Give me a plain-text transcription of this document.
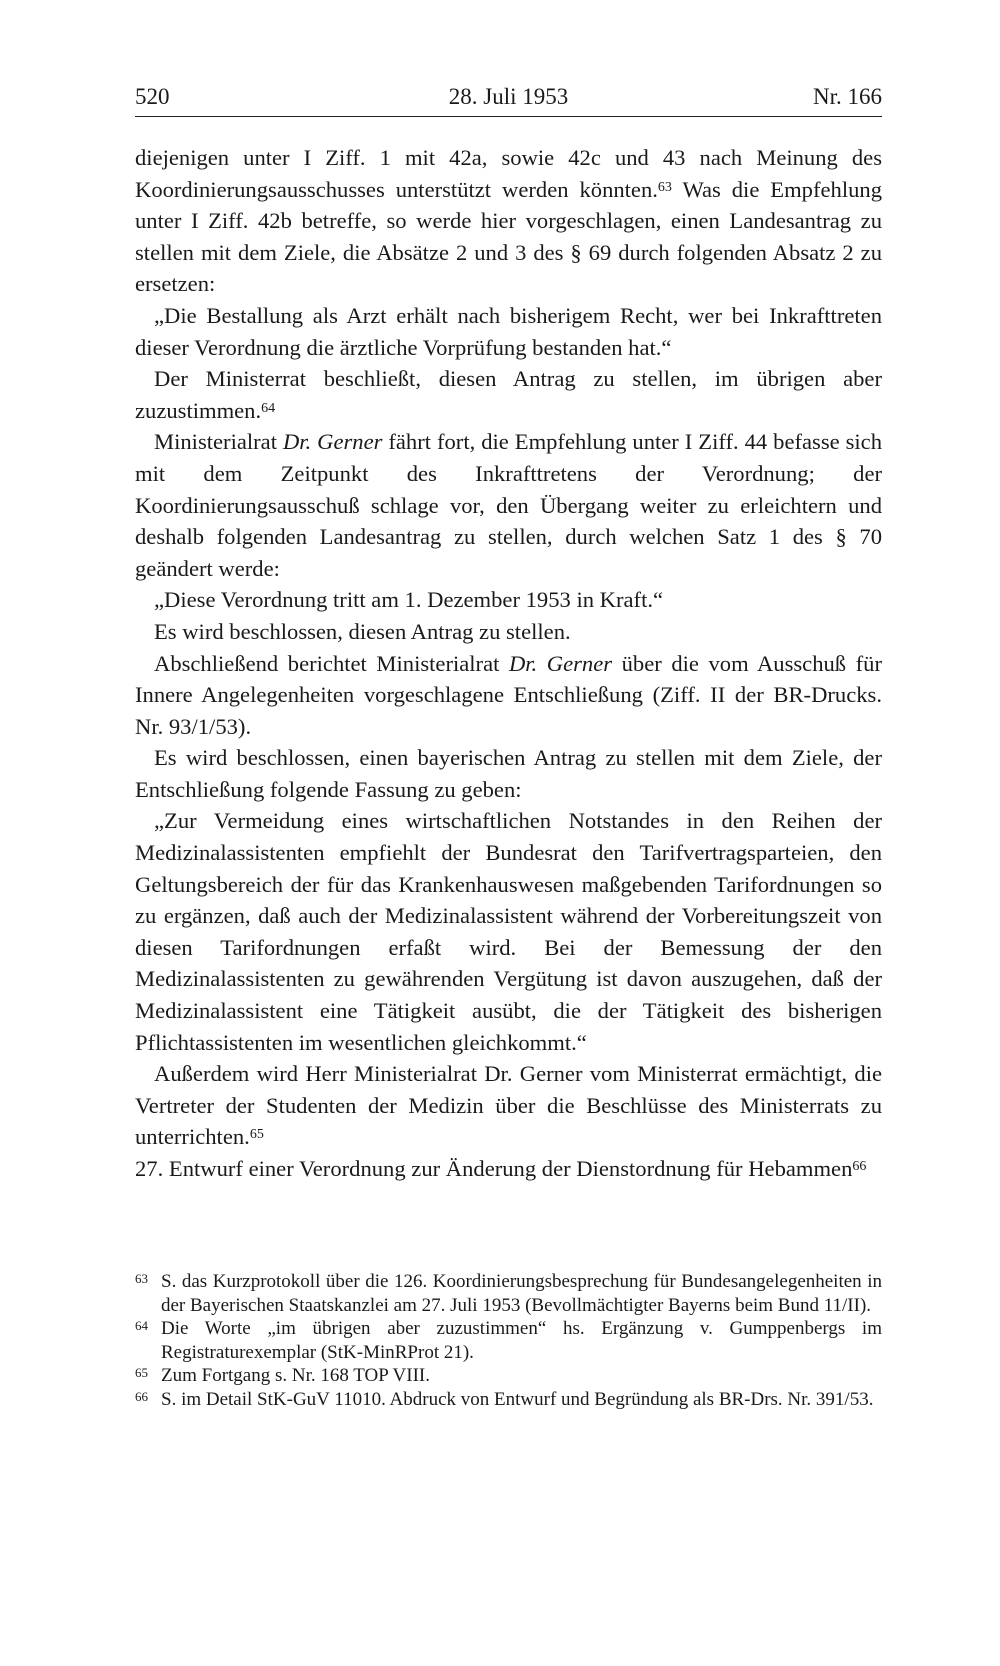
520	28. Juli 1953	Nr. 166

diejenigen unter I Ziff. 1 mit 42a, sowie 42c und 43 nach Meinung des Koordinierungsausschusses unterstützt werden könnten.$^{63}$ Was die Empfehlung unter I Ziff. 42b betreffe, so werde hier vorgeschlagen, einen Landesantrag zu stellen mit dem Ziele, die Absätze 2 und 3 des § 69 durch folgenden Absatz 2 zu ersetzen:

„Die Bestallung als Arzt erhält nach bisherigem Recht, wer bei Inkrafttreten dieser Verordnung die ärztliche Vorprüfung bestanden hat.“

Der Ministerrat beschließt, diesen Antrag zu stellen, im übrigen aber zuzustimmen.$^{64}$

Ministerialrat Dr. Gerner fährt fort, die Empfehlung unter I Ziff. 44 befasse sich mit dem Zeitpunkt des Inkrafttretens der Verordnung; der Koordinierungsausschuß schlage vor, den Übergang weiter zu erleichtern und deshalb folgenden Landesantrag zu stellen, durch welchen Satz 1 des § 70 geändert werde:

„Diese Verordnung tritt am 1. Dezember 1953 in Kraft.“

Es wird beschlossen, diesen Antrag zu stellen.

Abschließend berichtet Ministerialrat Dr. Gerner über die vom Ausschuß für Innere Angelegenheiten vorgeschlagene Entschließung (Ziff. II der BR-Drucks. Nr. 93/1/53).

Es wird beschlossen, einen bayerischen Antrag zu stellen mit dem Ziele, der Entschließung folgende Fassung zu geben:

„Zur Vermeidung eines wirtschaftlichen Notstandes in den Reihen der Medizinalassistenten empfiehlt der Bundesrat den Tarifvertragsparteien, den Geltungsbereich der für das Krankenhauswesen maßgebenden Tarifordnungen so zu ergänzen, daß auch der Medizinalassistent während der Vorbereitungszeit von diesen Tarifordnungen erfaßt wird. Bei der Bemessung der den Medizinalassistenten zu gewährenden Vergütung ist davon auszugehen, daß der Medizinalassistent eine Tätigkeit ausübt, die der Tätigkeit des bisherigen Pflichtassistenten im wesentlichen gleichkommt.“

Außerdem wird Herr Ministerialrat Dr. Gerner vom Ministerrat ermächtigt, die Vertreter der Studenten der Medizin über die Beschlüsse des Ministerrats zu unterrichten.$^{65}$

27. Entwurf einer Verordnung zur Änderung der Dienstordnung für Hebammen$^{66}$

63 S. das Kurzprotokoll über die 126. Koordinierungsbesprechung für Bundesangelegenheiten in der Bayerischen Staatskanzlei am 27. Juli 1953 (Bevollmächtigter Bayerns beim Bund 11/II).
64 Die Worte „im übrigen aber zuzustimmen“ hs. Ergänzung v. Gumppenbergs im Registraturexemplar (StK-MinRProt 21).
65 Zum Fortgang s. Nr. 168 TOP VIII.
66 S. im Detail StK-GuV 11010. Abdruck von Entwurf und Begründung als BR-Drs. Nr. 391/53.
